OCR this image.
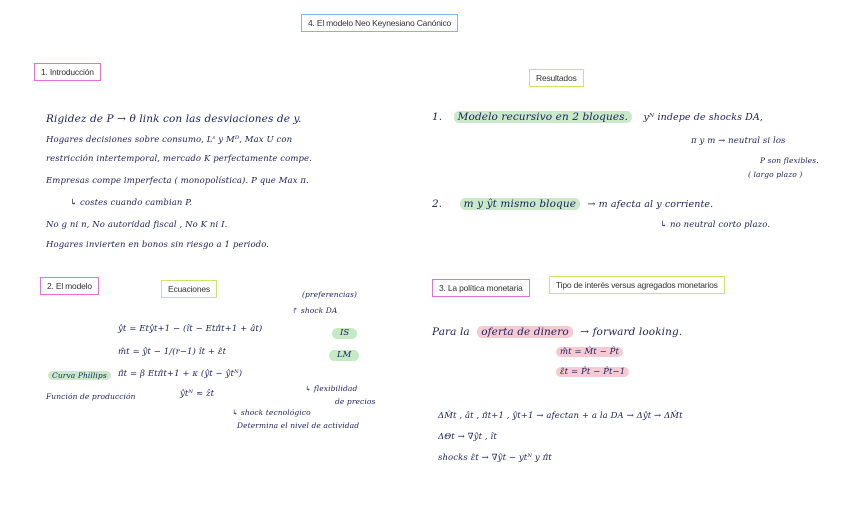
4. El modelo Neo Keynesiano Canónico
1. Introducción
Resultados
2. El modelo	Ecuaciones	3. La política monetaria	Tipo de interés versus agregados monetarios
Rigidez de P → θ link con las desviaciones de y.
Hogares decisiones sobre consumo, Lˢ y Mᴰ, Max U con
restricción intertemporal, mercado K perfectamente compe.
Empresas compe imperfecta ( monopolística). P que Max π.
↳ costes cuando cambian P.
No g ni n, No autoridad fiscal , No K ni I.
Hogares invierten en bonos sin riesgo a 1 periodo.
1. Modelo recursivo en 2 bloques. yᴺ indepe de shocks DA,
π y m → neutral si los
P son flexibles.
( largo plazo )
2. m y ŷt mismo bloque → m afecta al y corriente.
↳ no neutral corto plazo.
(preferencias)
↱ shock DA
ŷt = Etŷt+1 − (ît − Etπ̂t+1 + ât)	IS
m̂t = ŷt − 1/(r−1) ît + ε̂t	LM
Curva Phillips	π̂t = β Etπ̂t+1 + κ (ŷt − ŷtᴺ)
↳ flexibilidad
de precios
Función de producción	ŷtᴺ ≈ ẑt
↳ shock tecnológico
Determina el nivel de actividad
Para la oferta de dinero → forward looking.
m̂t = M̂t − P̂t
ε̂t = P̂t − P̂t−1
ΔM̂t , ât , π̂t+1 , ŷt+1 → afectan + a la DA → Δŷt → ΔM̂t
ΔΘt → ∇ŷt , ît
shocks ε̂t → ∇ŷt − ytᴺ y π̂t
